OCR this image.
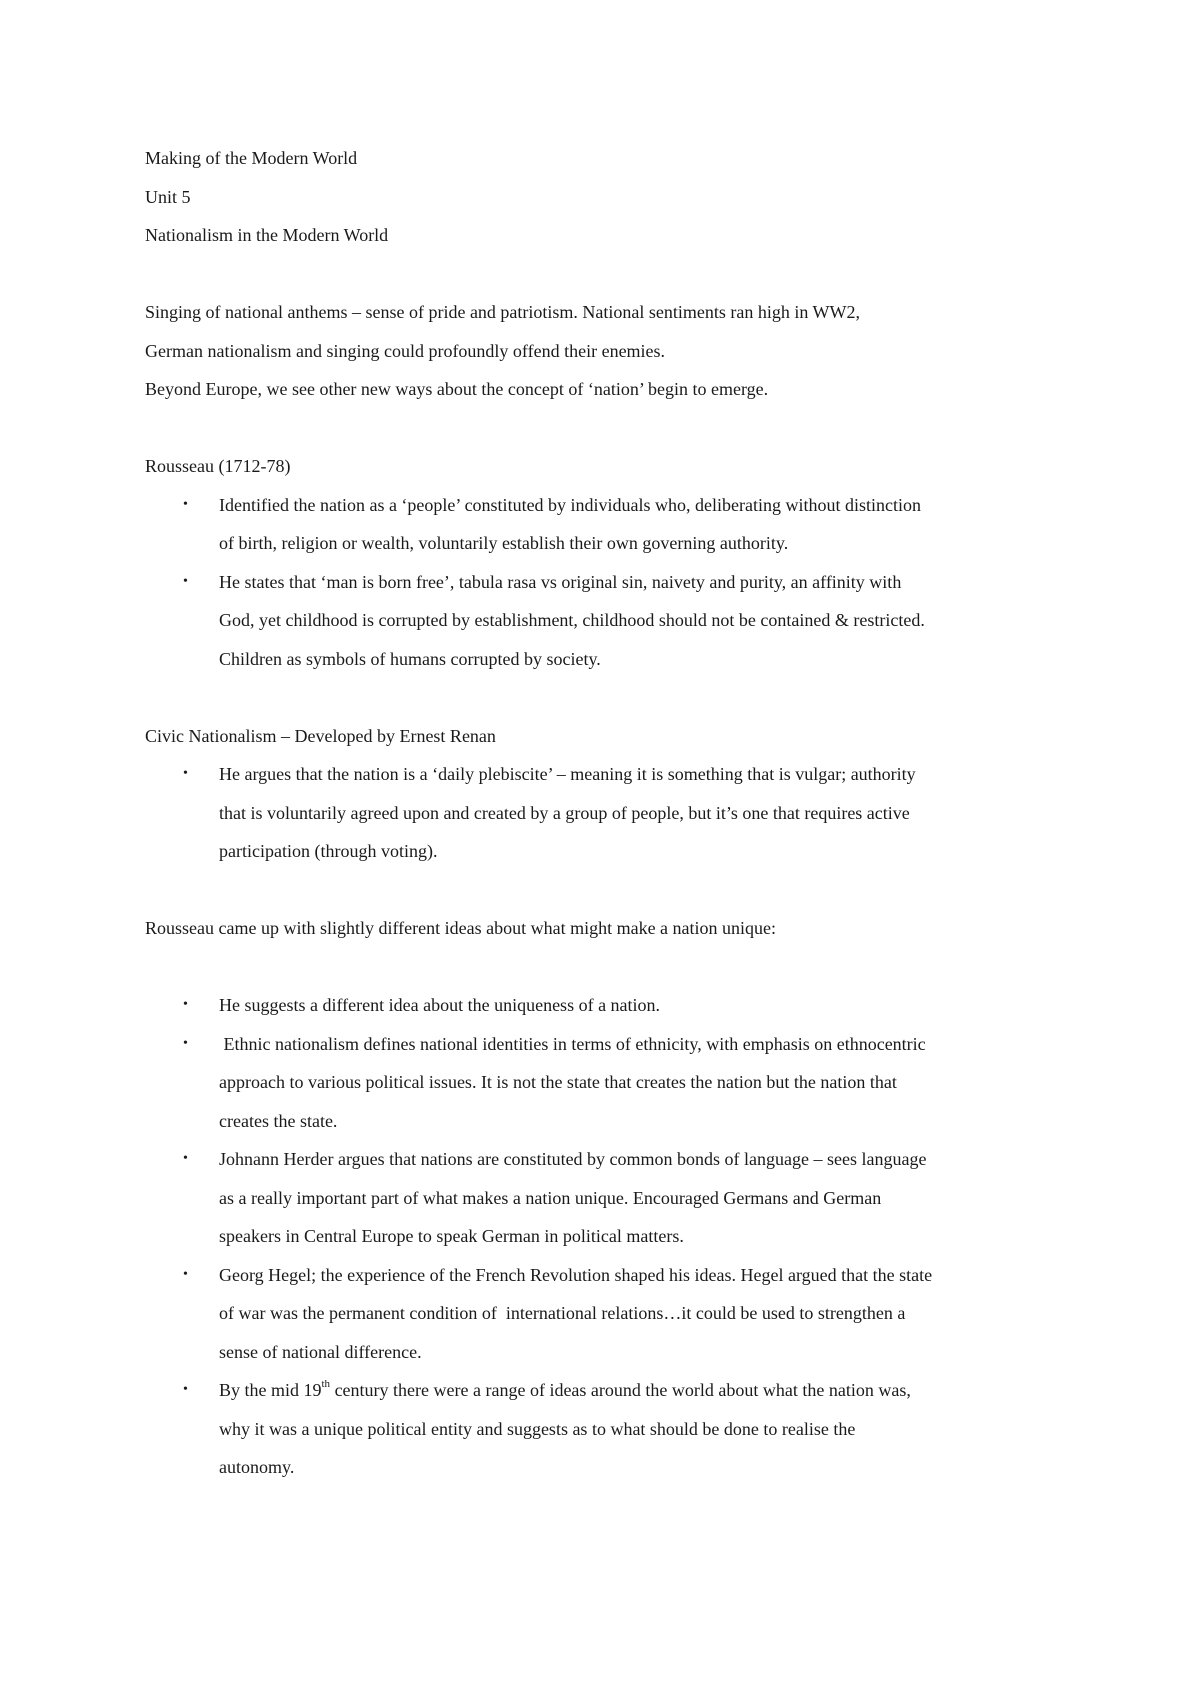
Making of the Modern World

Unit 5

Nationalism in the Modern World

Singing of national anthems – sense of pride and patriotism. National sentiments ran high in WW2,

German nationalism and singing could profoundly offend their enemies.

Beyond Europe, we see other new ways about the concept of ‘nation’ begin to emerge.

Rousseau (1712-78)

• Identified the nation as a ‘people’ constituted by individuals who, deliberating without distinction
of birth, religion or wealth, voluntarily establish their own governing authority.
• He states that ‘man is born free’, tabula rasa vs original sin, naivety and purity, an affinity with
God, yet childhood is corrupted by establishment, childhood should not be contained & restricted.
Children as symbols of humans corrupted by society.

Civic Nationalism – Developed by Ernest Renan

• He argues that the nation is a ‘daily plebiscite’ – meaning it is something that is vulgar; authority
that is voluntarily agreed upon and created by a group of people, but it’s one that requires active
participation (through voting).

Rousseau came up with slightly different ideas about what might make a nation unique:

• He suggests a different idea about the uniqueness of a nation.
• Ethnic nationalism defines national identities in terms of ethnicity, with emphasis on ethnocentric
approach to various political issues. It is not the state that creates the nation but the nation that
creates the state.
• Johnann Herder argues that nations are constituted by common bonds of language – sees language
as a really important part of what makes a nation unique. Encouraged Germans and German
speakers in Central Europe to speak German in political matters.
• Georg Hegel; the experience of the French Revolution shaped his ideas. Hegel argued that the state
of war was the permanent condition of  international relations…it could be used to strengthen a
sense of national difference.
• By the mid 19th century there were a range of ideas around the world about what the nation was,
why it was a unique political entity and suggests as to what should be done to realise the
autonomy.
